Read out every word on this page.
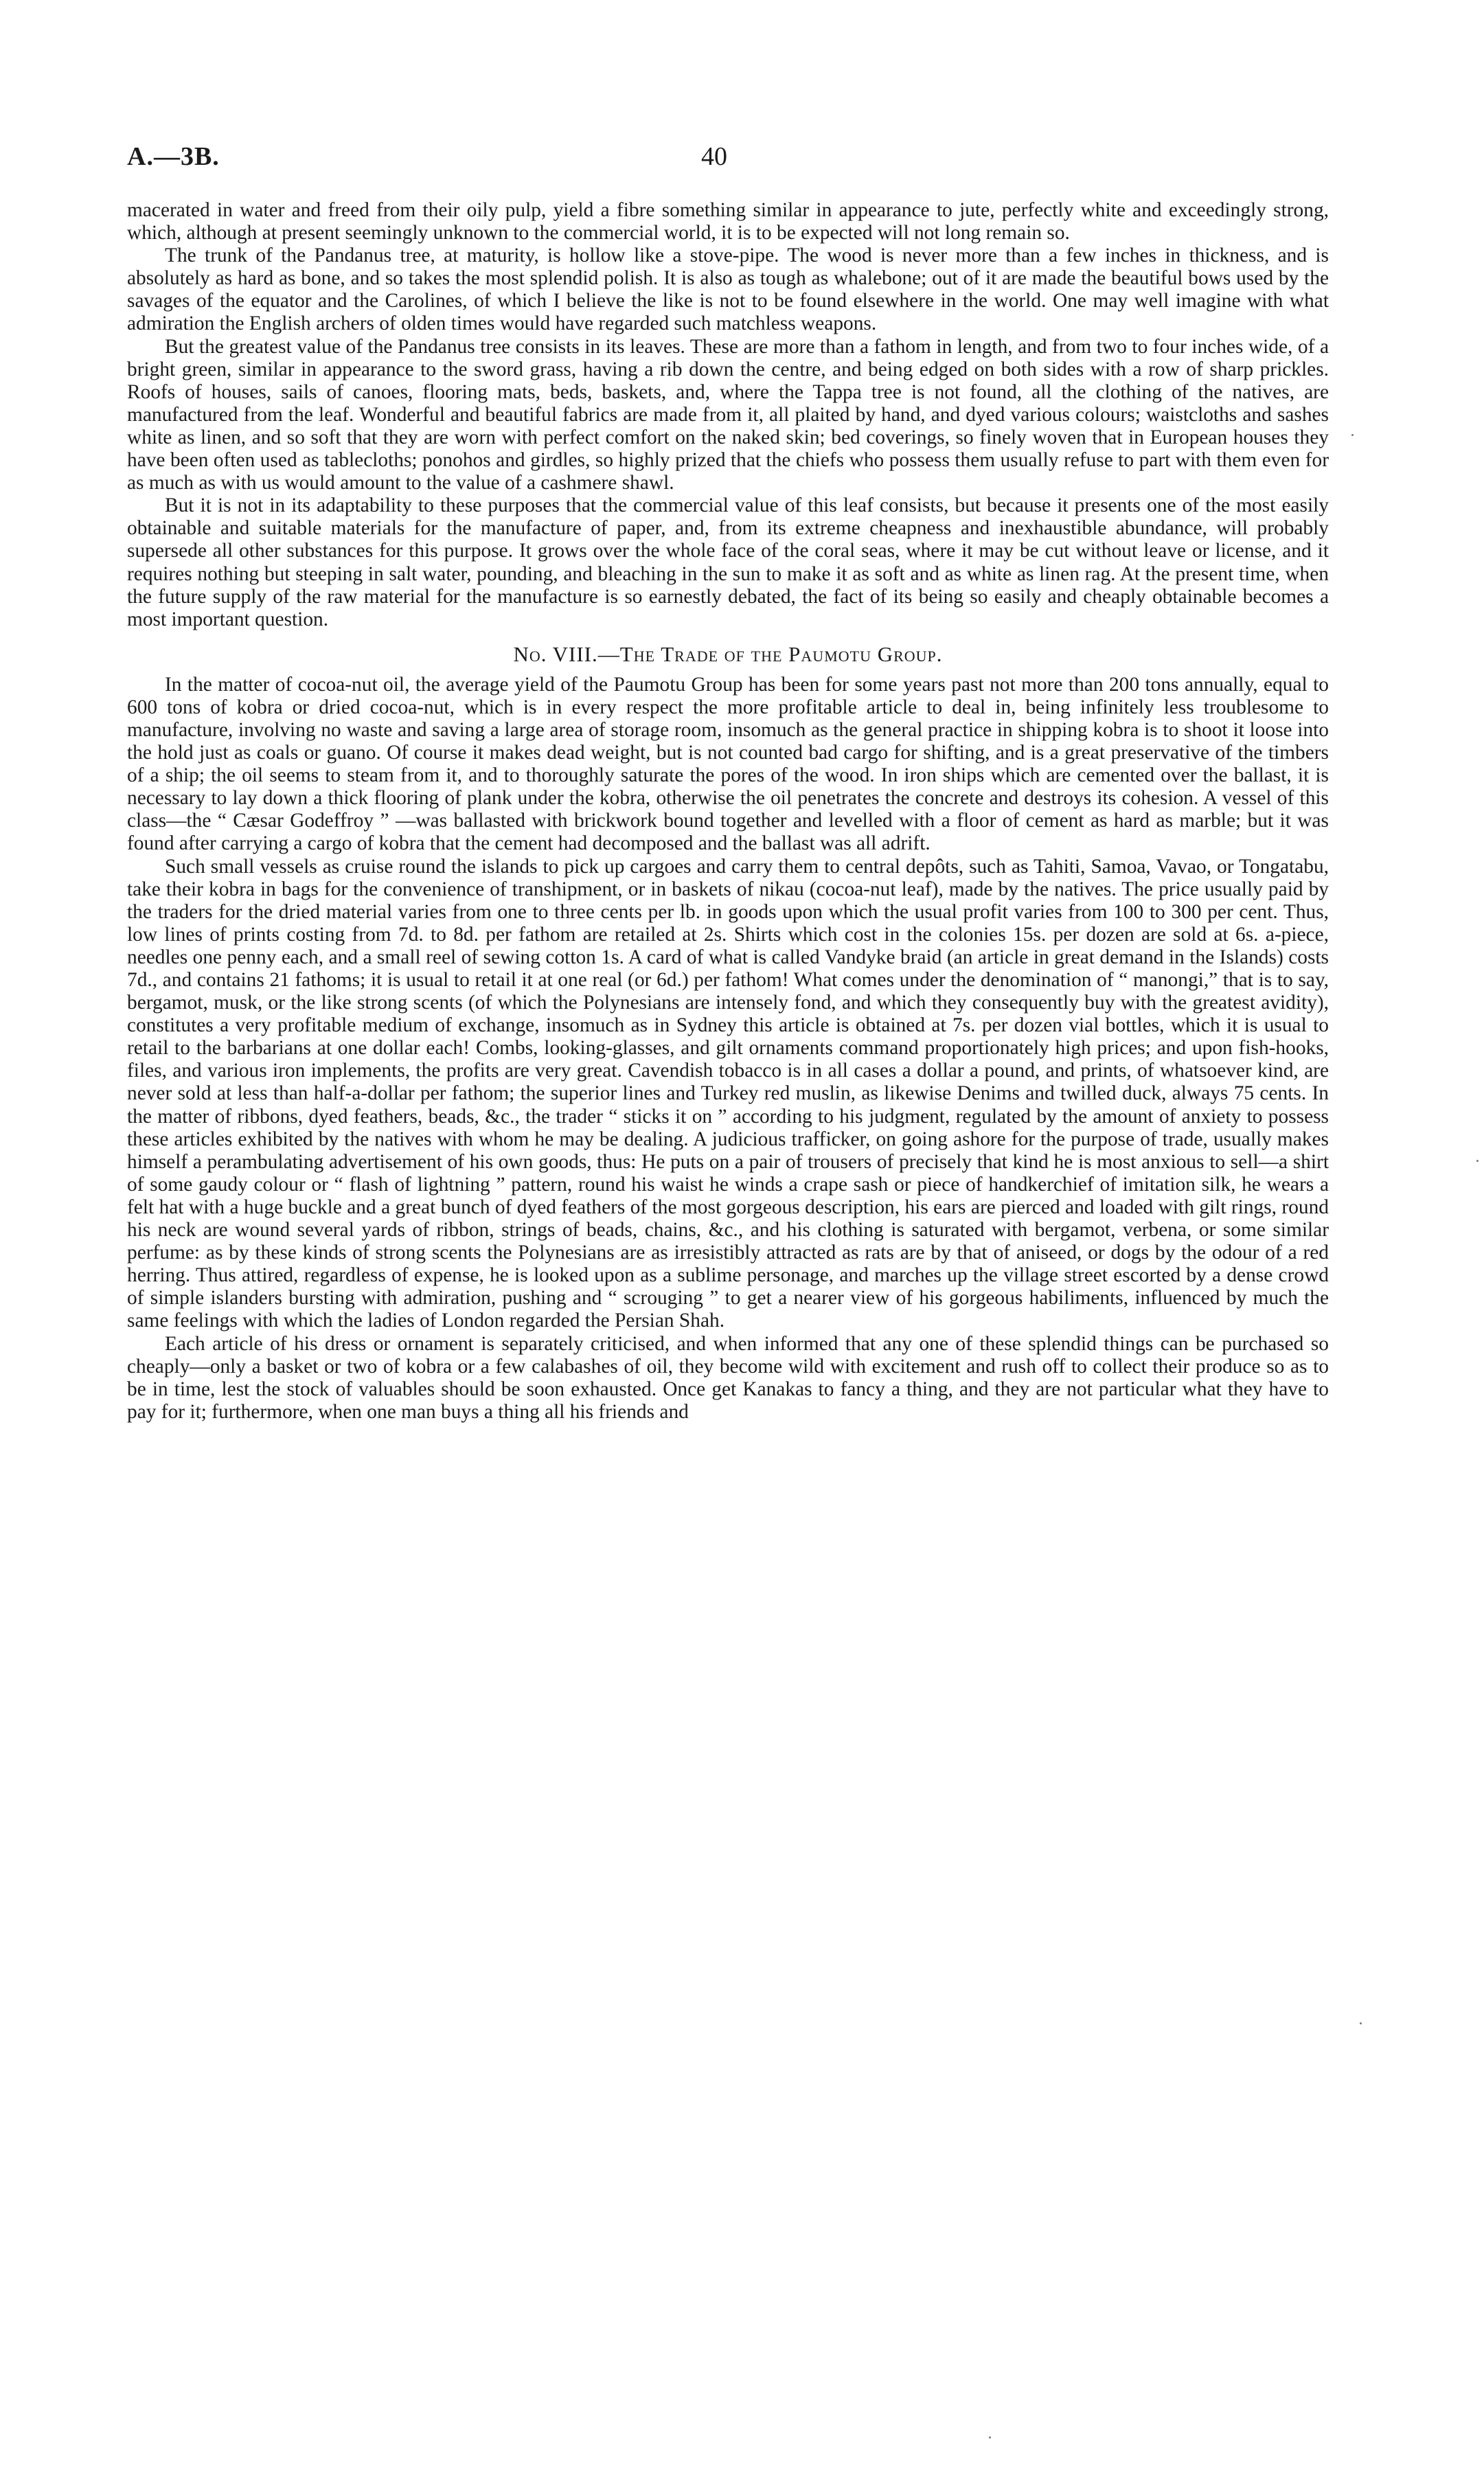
A.—3B.	40

macerated in water and freed from their oily pulp, yield a fibre something similar in appearance to jute, perfectly white and exceedingly strong, which, although at present seemingly unknown to the commercial world, it is to be expected will not long remain so.

The trunk of the Pandanus tree, at maturity, is hollow like a stove-pipe. The wood is never more than a few inches in thickness, and is absolutely as hard as bone, and so takes the most splendid polish. It is also as tough as whalebone; out of it are made the beautiful bows used by the savages of the equator and the Carolines, of which I believe the like is not to be found elsewhere in the world. One may well imagine with what admiration the English archers of olden times would have regarded such matchless weapons.

But the greatest value of the Pandanus tree consists in its leaves. These are more than a fathom in length, and from two to four inches wide, of a bright green, similar in appearance to the sword grass, having a rib down the centre, and being edged on both sides with a row of sharp prickles. Roofs of houses, sails of canoes, flooring mats, beds, baskets, and, where the Tappa tree is not found, all the clothing of the natives, are manufactured from the leaf. Wonderful and beautiful fabrics are made from it, all plaited by hand, and dyed various colours; waistcloths and sashes white as linen, and so soft that they are worn with perfect comfort on the naked skin; bed coverings, so finely woven that in European houses they have been often used as tablecloths; ponohos and girdles, so highly prized that the chiefs who possess them usually refuse to part with them even for as much as with us would amount to the value of a cashmere shawl.

But it is not in its adaptability to these purposes that the commercial value of this leaf consists, but because it presents one of the most easily obtainable and suitable materials for the manufacture of paper, and, from its extreme cheapness and inexhaustible abundance, will probably supersede all other substances for this purpose. It grows over the whole face of the coral seas, where it may be cut without leave or license, and it requires nothing but steeping in salt water, pounding, and bleaching in the sun to make it as soft and as white as linen rag. At the present time, when the future supply of the raw material for the manufacture is so earnestly debated, the fact of its being so easily and cheaply obtainable becomes a most important question.

No. VIII.—The Trade of the Paumotu Group.

In the matter of cocoa-nut oil, the average yield of the Paumotu Group has been for some years past not more than 200 tons annually, equal to 600 tons of kobra or dried cocoa-nut, which is in every respect the more profitable article to deal in, being infinitely less troublesome to manufacture, involving no waste and saving a large area of storage room, insomuch as the general practice in shipping kobra is to shoot it loose into the hold just as coals or guano. Of course it makes dead weight, but is not counted bad cargo for shifting, and is a great preservative of the timbers of a ship; the oil seems to steam from it, and to thoroughly saturate the pores of the wood. In iron ships which are cemented over the ballast, it is necessary to lay down a thick flooring of plank under the kobra, otherwise the oil penetrates the concrete and destroys its cohesion. A vessel of this class—the “ Cæsar Godeffroy ” —was ballasted with brickwork bound together and levelled with a floor of cement as hard as marble; but it was found after carrying a cargo of kobra that the cement had decomposed and the ballast was all adrift.

Such small vessels as cruise round the islands to pick up cargoes and carry them to central depôts, such as Tahiti, Samoa, Vavao, or Tongatabu, take their kobra in bags for the convenience of transhipment, or in baskets of nikau (cocoa-nut leaf), made by the natives. The price usually paid by the traders for the dried material varies from one to three cents per lb. in goods upon which the usual profit varies from 100 to 300 per cent. Thus, low lines of prints costing from 7d. to 8d. per fathom are retailed at 2s. Shirts which cost in the colonies 15s. per dozen are sold at 6s. a-piece, needles one penny each, and a small reel of sewing cotton 1s. A card of what is called Vandyke braid (an article in great demand in the Islands) costs 7d., and contains 21 fathoms; it is usual to retail it at one real (or 6d.) per fathom! What comes under the denomination of “ manongi,” that is to say, bergamot, musk, or the like strong scents (of which the Polynesians are intensely fond, and which they consequently buy with the greatest avidity), constitutes a very profitable medium of exchange, insomuch as in Sydney this article is obtained at 7s. per dozen vial bottles, which it is usual to retail to the barbarians at one dollar each! Combs, looking-glasses, and gilt ornaments command proportionately high prices; and upon fish-hooks, files, and various iron implements, the profits are very great. Cavendish tobacco is in all cases a dollar a pound, and prints, of whatsoever kind, are never sold at less than half-a-dollar per fathom; the superior lines and Turkey red muslin, as likewise Denims and twilled duck, always 75 cents. In the matter of ribbons, dyed feathers, beads, &c., the trader “ sticks it on ” according to his judgment, regulated by the amount of anxiety to possess these articles exhibited by the natives with whom he may be dealing. A judicious trafficker, on going ashore for the purpose of trade, usually makes himself a perambulating advertisement of his own goods, thus: He puts on a pair of trousers of precisely that kind he is most anxious to sell—a shirt of some gaudy colour or “ flash of lightning ” pattern, round his waist he winds a crape sash or piece of handkerchief of imitation silk, he wears a felt hat with a huge buckle and a great bunch of dyed feathers of the most gorgeous description, his ears are pierced and loaded with gilt rings, round his neck are wound several yards of ribbon, strings of beads, chains, &c., and his clothing is saturated with bergamot, verbena, or some similar perfume: as by these kinds of strong scents the Polynesians are as irresistibly attracted as rats are by that of aniseed, or dogs by the odour of a red herring. Thus attired, regardless of expense, he is looked upon as a sublime personage, and marches up the village street escorted by a dense crowd of simple islanders bursting with admiration, pushing and “ scrouging ” to get a nearer view of his gorgeous habiliments, influenced by much the same feelings with which the ladies of London regarded the Persian Shah.

Each article of his dress or ornament is separately criticised, and when informed that any one of these splendid things can be purchased so cheaply—only a basket or two of kobra or a few calabashes of oil, they become wild with excitement and rush off to collect their produce so as to be in time, lest the stock of valuables should be soon exhausted. Once get Kanakas to fancy a thing, and they are not particular what they have to pay for it; furthermore, when one man buys a thing all his friends and
